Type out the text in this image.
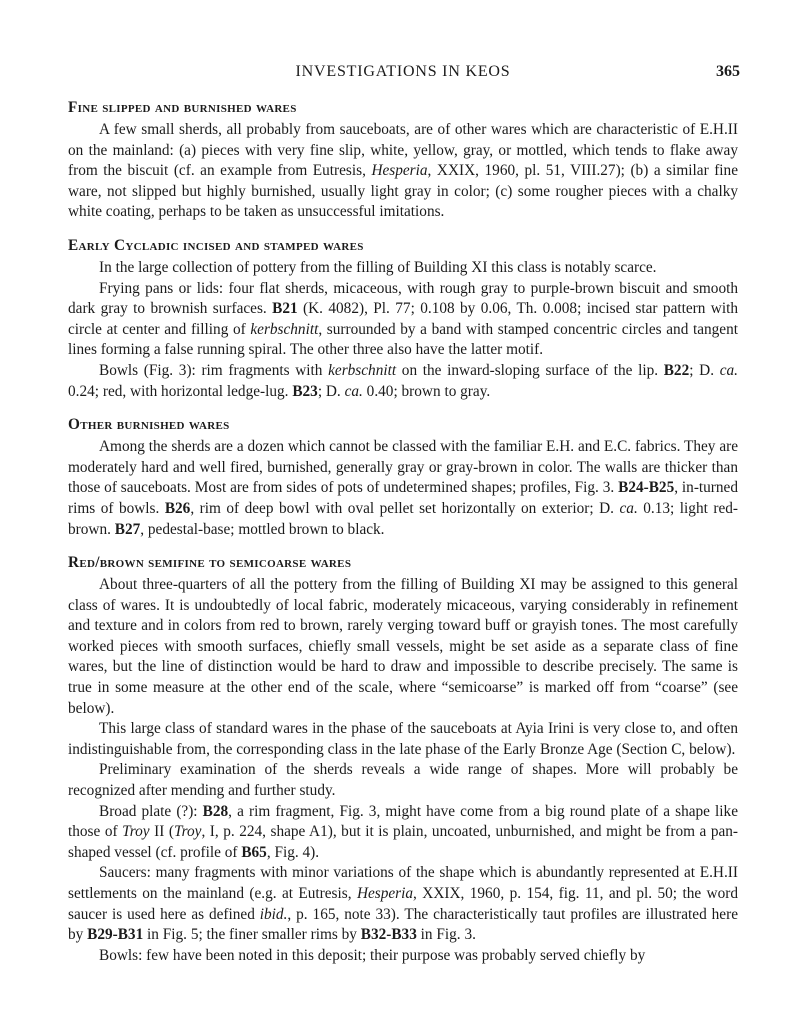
INVESTIGATIONS IN KEOS	365
Fine slipped and burnished wares

A few small sherds, all probably from sauceboats, are of other wares which are characteristic of E.H.II on the mainland: (a) pieces with very fine slip, white, yellow, gray, or mottled, which tends to flake away from the biscuit (cf. an example from Eutresis, Hesperia, XXIX, 1960, pl. 51, VIII.27); (b) a similar fine ware, not slipped but highly burnished, usually light gray in color; (c) some rougher pieces with a chalky white coating, perhaps to be taken as unsuccessful imitations.

Early Cycladic incised and stamped wares

In the large collection of pottery from the filling of Building XI this class is notably scarce.

Frying pans or lids: four flat sherds, micaceous, with rough gray to purple-brown biscuit and smooth dark gray to brownish surfaces. B21 (K. 4082), Pl. 77; 0.108 by 0.06, Th. 0.008; incised star pattern with circle at center and filling of kerbschnitt, surrounded by a band with stamped concentric circles and tangent lines forming a false running spiral. The other three also have the latter motif.

Bowls (Fig. 3): rim fragments with kerbschnitt on the inward-sloping surface of the lip. B22; D. ca. 0.24; red, with horizontal ledge-lug. B23; D. ca. 0.40; brown to gray.

Other burnished wares

Among the sherds are a dozen which cannot be classed with the familiar E.H. and E.C. fabrics. They are moderately hard and well fired, burnished, generally gray or gray-brown in color. The walls are thicker than those of sauceboats. Most are from sides of pots of undetermined shapes; profiles, Fig. 3. B24-B25, in-turned rims of bowls. B26, rim of deep bowl with oval pellet set horizontally on exterior; D. ca. 0.13; light red-brown. B27, pedestal-base; mottled brown to black.

Red/brown semifine to semicoarse wares

About three-quarters of all the pottery from the filling of Building XI may be assigned to this general class of wares. It is undoubtedly of local fabric, moderately micaceous, varying considerably in refinement and texture and in colors from red to brown, rarely verging toward buff or grayish tones. The most carefully worked pieces with smooth surfaces, chiefly small vessels, might be set aside as a separate class of fine wares, but the line of distinction would be hard to draw and impossible to describe precisely. The same is true in some measure at the other end of the scale, where “semicoarse” is marked off from “coarse” (see below).

This large class of standard wares in the phase of the sauceboats at Ayia Irini is very close to, and often indistinguishable from, the corresponding class in the late phase of the Early Bronze Age (Section C, below).

Preliminary examination of the sherds reveals a wide range of shapes. More will probably be recognized after mending and further study.

Broad plate (?): B28, a rim fragment, Fig. 3, might have come from a big round plate of a shape like those of Troy II (Troy, I, p. 224, shape A1), but it is plain, uncoated, unburnished, and might be from a pan-shaped vessel (cf. profile of B65, Fig. 4).

Saucers: many fragments with minor variations of the shape which is abundantly represented at E.H.II settlements on the mainland (e.g. at Eutresis, Hesperia, XXIX, 1960, p. 154, fig. 11, and pl. 50; the word saucer is used here as defined ibid., p. 165, note 33). The characteristically taut profiles are illustrated here by B29-B31 in Fig. 5; the finer smaller rims by B32-B33 in Fig. 3.

Bowls: few have been noted in this deposit; their purpose was probably served chiefly by
